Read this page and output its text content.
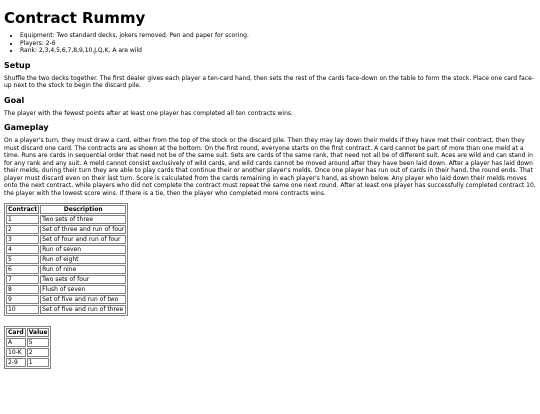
Contract Rummy
• Equipment: Two standard decks, jokers removed. Pen and paper for scoring.
• Players: 2-6
• Rank: 2,3,4,5,6,7,8,9,10,J,Q,K, A are wild
Setup

Shuffle the two decks together. The first dealer gives each player a ten-card hand, then sets the rest of the cards face-down on the table to form the stock. Place one card face-up next to the stock to begin the discard pile.

Goal

The player with the fewest points after at least one player has completed all ten contracts wins.

Gameplay

On a player's turn, they must draw a card, either from the top of the stock or the discard pile. Then they may lay down their melds if they have met their contract, then they must discard one card. The contracts are as shown at the bottom. On the first round, everyone starts on the first contract. A card cannot be part of more than one meld at a time. Runs are cards in sequential order that need not be of the same suit. Sets are cards of the same rank, that need not all be of different suit. Aces are wild and can stand in for any rank and any suit. A meld cannot consist exclusively of wild cards, and wild cards cannot be moved around after they have been laid down. After a player has laid down their melds, during their turn they are able to play cards that continue their or another player's melds. Once one player has run out of cards in their hand, the round ends. That player must discard even on their last turn. Score is calculated from the cards remaining in each player's hand, as shown below. Any player who laid down their melds moves onto the next contract, while players who did not complete the contract must repeat the same one next round. After at least one player has successfully completed contract 10, the player with the lowest score wins. If there is a tie, then the player who completed more contracts wins.

Contract	Description
1	Two sets of three
2	Set of three and run of four
3	Set of four and run of four
4	Run of seven
5	Run of eight
6	Run of nine
7	Two sets of four
8	Flush of seven
9	Set of five and run of two
10	Set of five and run of three
Card	Value
A	5
10-K	2
2-9	1
